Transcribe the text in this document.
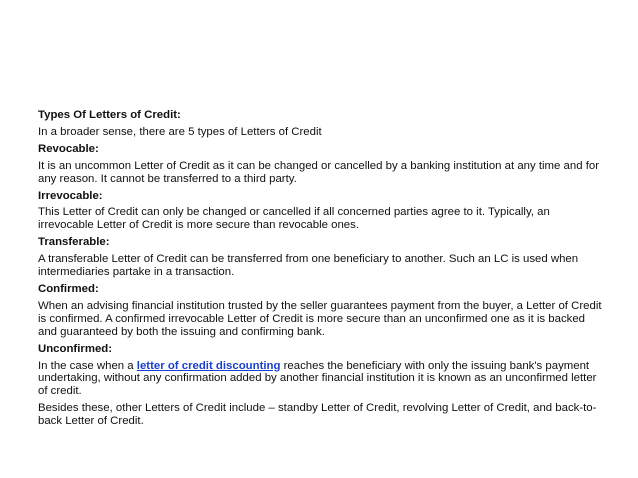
Types Of Letters of Credit:

In a broader sense, there are 5 types of Letters of Credit

Revocable:

It is an uncommon Letter of Credit as it can be changed or cancelled by a banking institution at any time and for any reason. It cannot be transferred to a third party.

Irrevocable:

This Letter of Credit can only be changed or cancelled if all concerned parties agree to it. Typically, an irrevocable Letter of Credit is more secure than revocable ones.

Transferable:

A transferable Letter of Credit can be transferred from one beneficiary to another. Such an LC is used when intermediaries partake in a transaction.

Confirmed:

When an advising financial institution trusted by the seller guarantees payment from the buyer, a Letter of Credit is confirmed. A confirmed irrevocable Letter of Credit is more secure than an unconfirmed one as it is backed and guaranteed by both the issuing and confirming bank.

Unconfirmed:

In the case when a letter of credit discounting reaches the beneficiary with only the issuing bank's payment undertaking, without any confirmation added by another financial institution it is known as an unconfirmed letter of credit.

Besides these, other Letters of Credit include – standby Letter of Credit, revolving Letter of Credit, and back-to-back Letter of Credit.
